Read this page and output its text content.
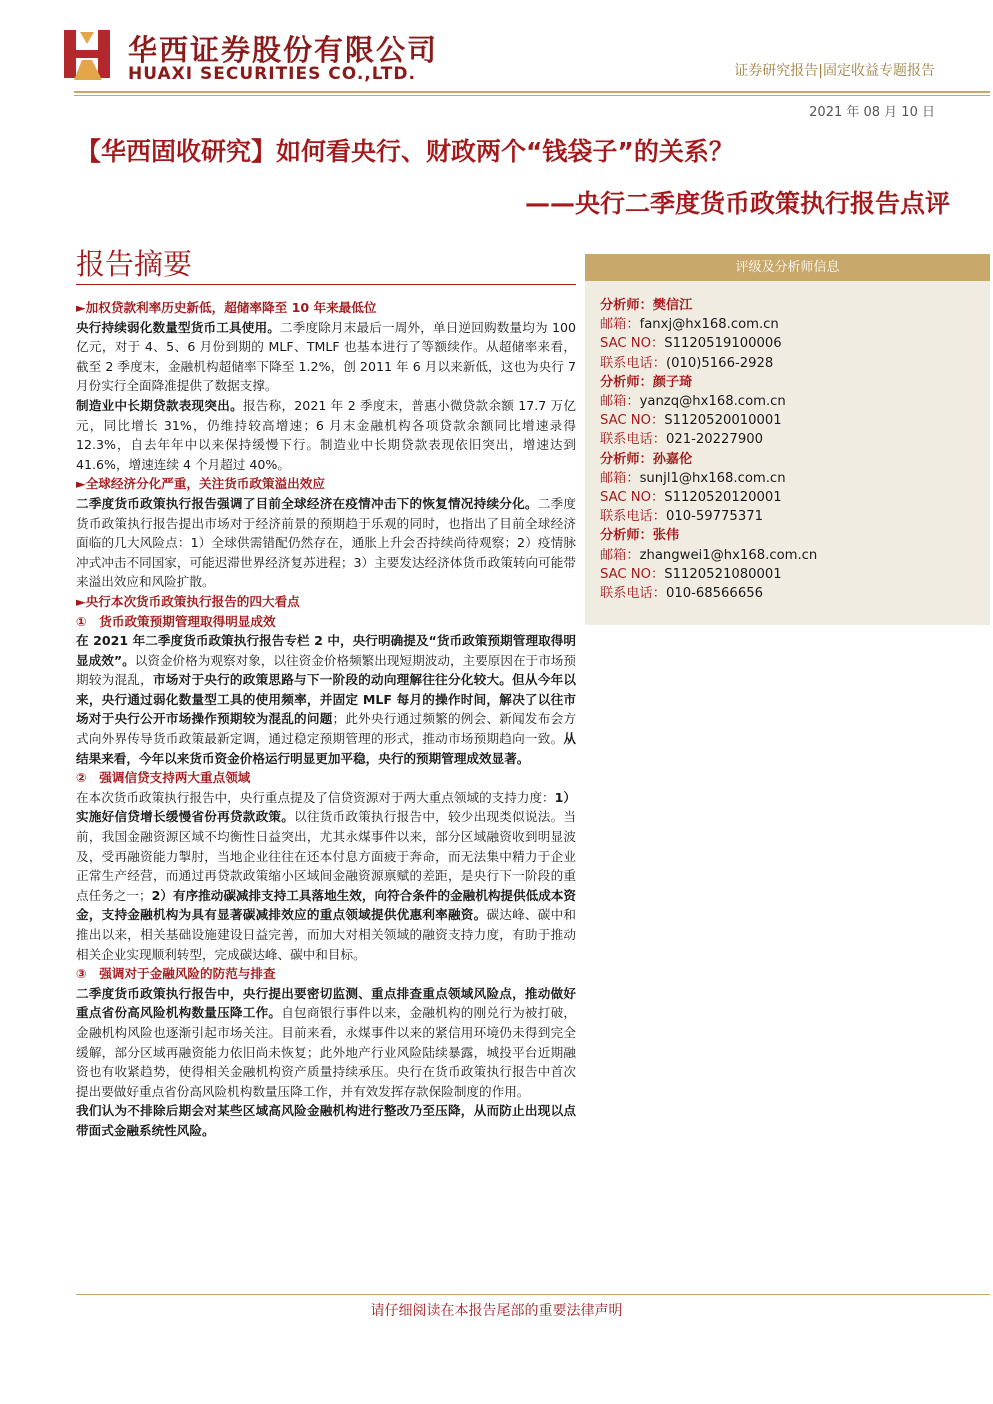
华西证券股份有限公司
HUAXI SECURITIES CO.,LTD.	证券研究报告|固定收益专题报告
2021 年 08 月 10 日
【华西固收研究】如何看央行、财政两个“钱袋子”的关系？
——央行二季度货币政策执行报告点评
报告摘要

►加权贷款利率历史新低，超储率降至 10 年来最低位

央行持续弱化数量型货币工具使用。二季度除月末最后一周外，单日逆回购数量均为 100 亿元，对于 4、5、6 月份到期的 MLF、TMLF 也基本进行了等额续作。从超储率来看，截至 2 季度末，金融机构超储率下降至 1.2%，创 2011 年 6 月以来新低，这也为央行 7 月份实行全面降准提供了数据支撑。

制造业中长期贷款表现突出。报告称，2021 年 2 季度末，普惠小微贷款余额 17.7 万亿元，同比增长 31%，仍维持较高增速；6 月末金融机构各项贷款余额同比增速录得 12.3%，自去年年中以来保持缓慢下行。制造业中长期贷款表现依旧突出，增速达到 41.6%，增速连续 4 个月超过 40%。

►全球经济分化严重，关注货币政策溢出效应

二季度货币政策执行报告强调了目前全球经济在疫情冲击下的恢复情况持续分化。二季度货币政策执行报告提出市场对于经济前景的预期趋于乐观的同时，也指出了目前全球经济面临的几大风险点：1）全球供需错配仍然存在，通胀上升会否持续尚待观察；2）疫情脉冲式冲击不同国家，可能迟滞世界经济复苏进程；3）主要发达经济体货币政策转向可能带来溢出效应和风险扩散。

►央行本次货币政策执行报告的四大看点

①　货币政策预期管理取得明显成效

在 2021 年二季度货币政策执行报告专栏 2 中，央行明确提及“货币政策预期管理取得明显成效”。以资金价格为观察对象，以往资金价格频繁出现短期波动，主要原因在于市场预期较为混乱，市场对于央行的政策思路与下一阶段的动向理解往往分化较大。但从今年以来，央行通过弱化数量型工具的使用频率，并固定 MLF 每月的操作时间，解决了以往市场对于央行公开市场操作预期较为混乱的问题；此外央行通过频繁的例会、新闻发布会方式向外界传导货币政策最新定调，通过稳定预期管理的形式，推动市场预期趋向一致。从结果来看，今年以来货币资金价格运行明显更加平稳，央行的预期管理成效显著。

②　强调信贷支持两大重点领域

在本次货币政策执行报告中，央行重点提及了信贷资源对于两大重点领域的支持力度：1）实施好信贷增长缓慢省份再贷款政策。以往货币政策执行报告中，较少出现类似说法。当前，我国金融资源区域不均衡性日益突出，尤其永煤事件以来，部分区域融资收到明显波及，受再融资能力掣肘，当地企业往往在还本付息方面疲于奔命，而无法集中精力于企业正常生产经营，而通过再贷款政策缩小区域间金融资源禀赋的差距，是央行下一阶段的重点任务之一；2）有序推动碳减排支持工具落地生效，向符合条件的金融机构提供低成本资金，支持金融机构为具有显著碳减排效应的重点领域提供优惠利率融资。碳达峰、碳中和推出以来，相关基础设施建设日益完善，而加大对相关领域的融资支持力度，有助于推动相关企业实现顺利转型，完成碳达峰、碳中和目标。

③　强调对于金融风险的防范与排查

二季度货币政策执行报告中，央行提出要密切监测、重点排查重点领域风险点，推动做好重点省份高风险机构数量压降工作。自包商银行事件以来，金融机构的刚兑行为被打破，金融机构风险也逐渐引起市场关注。目前来看，永煤事件以来的紧信用环境仍未得到完全缓解，部分区域再融资能力依旧尚未恢复；此外地产行业风险陆续暴露，城投平台近期融资也有收紧趋势，使得相关金融机构资产质量持续承压。央行在货币政策执行报告中首次提出要做好重点省份高风险机构数量压降工作，并有效发挥存款保险制度的作用。

我们认为不排除后期会对某些区域高风险金融机构进行整改乃至压降，从而防止出现以点带面式金融系统性风险。

评级及分析师信息
分析师：樊信江
邮箱：fanxj@hx168.com.cn
SAC NO：S1120519100006
联系电话：(010)5166-2928
分析师：颜子琦
邮箱：yanzq@hx168.com.cn
SAC NO：S1120520010001
联系电话：021-20227900
分析师：孙嘉伦
邮箱：sunjl1@hx168.com.cn
SAC NO：S1120520120001
联系电话：010-59775371
分析师：张伟
邮箱：zhangwei1@hx168.com.cn
SAC NO：S1120521080001
联系电话：010-68566656
请仔细阅读在本报告尾部的重要法律声明
